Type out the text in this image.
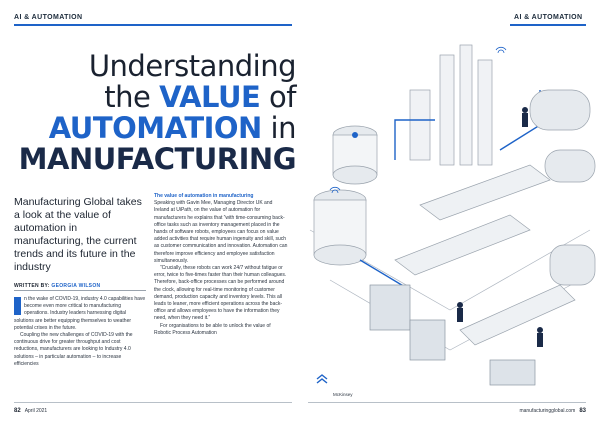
AI & AUTOMATION	AI & AUTOMATION
Understanding
the VALUE of
AUTOMATION in
MANUFACTURING
Manufacturing Global takes a look at the value of automation in manufacturing, the current trends and its future in the industry
WRITTEN BY: GEORGIA WILSON
n the wake of COVID-19, industry 4.0 capabilities have become even more critical to manufacturing operations. Industry leaders harnessing digital solutions are better equipping themselves to weather potential crises in the future.
Coupling the new challenges of COVID-19 with the continuous drive for greater throughput and cost reductions, manufacturers are looking to Industry 4.0 solutions – in particular automation – to increase efficiencies
The value of automation in manufacturing
Speaking with Gavin Mee, Managing Director UK and Ireland at UiPath, on the value of automation for manufacturers he explains that “with time-consuming back-office tasks such as inventory management placed in the hands of software robots, employees can focus on value added activities that require human ingenuity and skill, such as customer communication and innovation. Automation can therefore improve efficiency and employee satisfaction simultaneously.
“Crucially, these robots can work 24/7 without fatigue or error, twice to five-times faster than their human colleagues. Therefore, back-office processes can be performed around the clock, allowing for real-time monitoring of customer demand, production capacity and inventory levels. This all leads to leaner, more efficient operations across the back-office and allows employees to have the information they need, when they need it.”
For organisations to be able to unlock the value of Robotic Process Automation
McKinsey
82 April 2021	manufacturingglobal.com 83
